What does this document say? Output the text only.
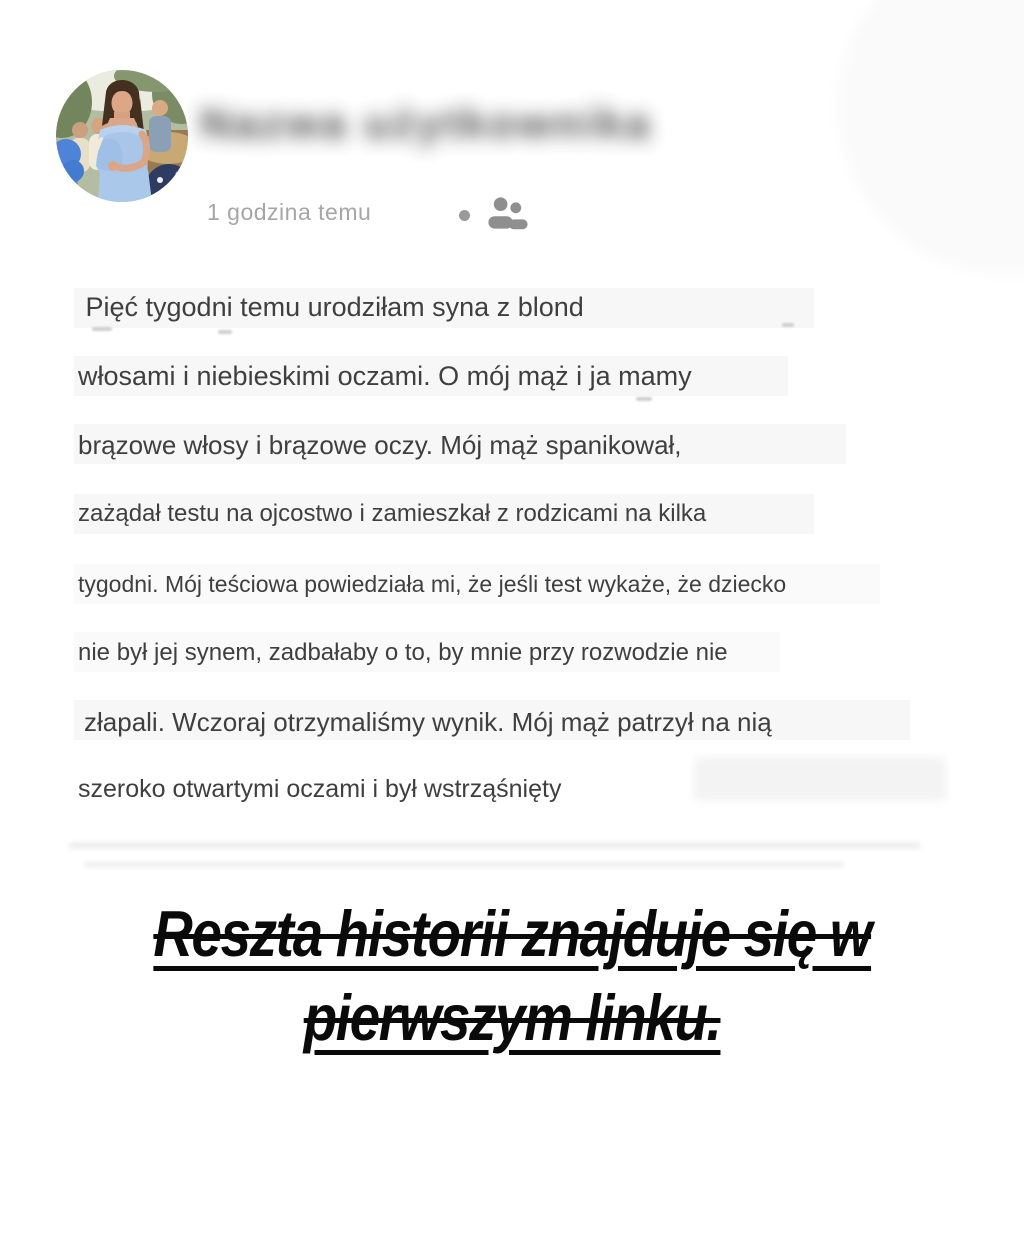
Nazwa użytkownika
1 godzina temu
Pięć tygodni temu urodziłam syna z blond
włosami i niebieskimi oczami. O mój mąż i ja mamy
brązowe włosy i brązowe oczy. Mój mąż spanikował,
zażądał testu na ojcostwo i zamieszkał z rodzicami na kilka
tygodni. Mój teściowa powiedziała mi, że jeśli test wykaże, że dziecko
nie był jej synem, zadbałaby o to, by mnie przy rozwodzie nie
złapali. Wczoraj otrzymaliśmy wynik. Mój mąż patrzył na nią
szeroko otwartymi oczami i był wstrząśnięty
Reszta historii znajduje się w
pierwszym linku.
